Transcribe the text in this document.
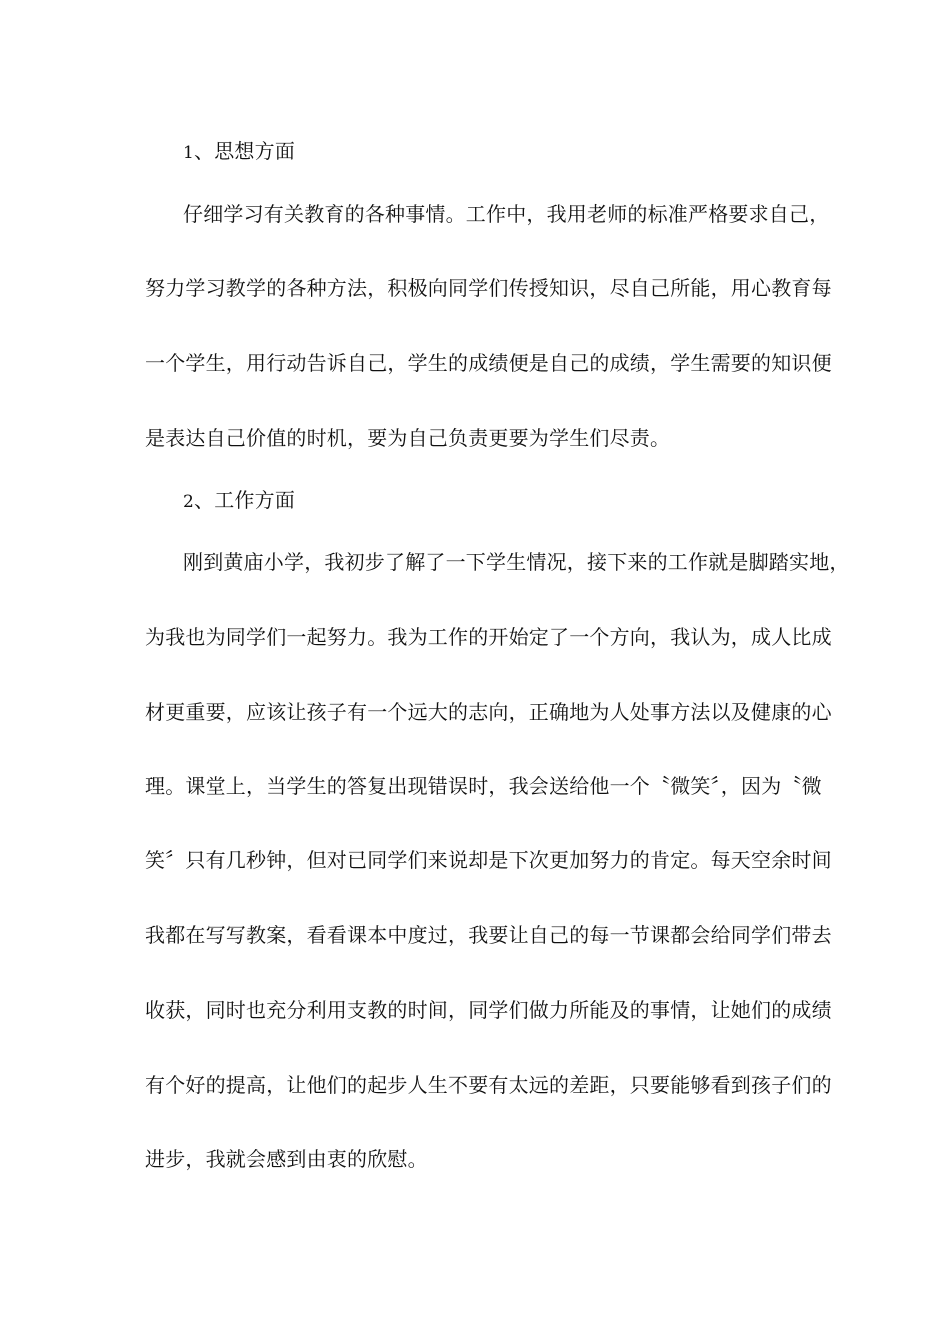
1、思想方面
仔细学习有关教育的各种事情。工作中，我用老师的标准严格要求自己，
努力学习教学的各种方法，积极向同学们传授知识，尽自己所能，用心教育每
一个学生，用行动告诉自己，学生的成绩便是自己的成绩，学生需要的知识便
是表达自己价值的时机，要为自己负责更要为学生们尽责。
2、工作方面
刚到黄庙小学，我初步了解了一下学生情况，接下来的工作就是脚踏实地，
为我也为同学们一起努力。我为工作的开始定了一个方向，我认为，成人比成
材更重要，应该让孩子有一个远大的志向，正确地为人处事方法以及健康的心
理。课堂上，当学生的答复出现错误时，我会送给他一个〝微笑〞，因为〝微
笑〞只有几秒钟，但对已同学们来说却是下次更加努力的肯定。每天空余时间
我都在写写教案，看看课本中度过，我要让自己的每一节课都会给同学们带去
收获，同时也充分利用支教的时间，同学们做力所能及的事情，让她们的成绩
有个好的提高，让他们的起步人生不要有太远的差距，只要能够看到孩子们的
进步，我就会感到由衷的欣慰。
